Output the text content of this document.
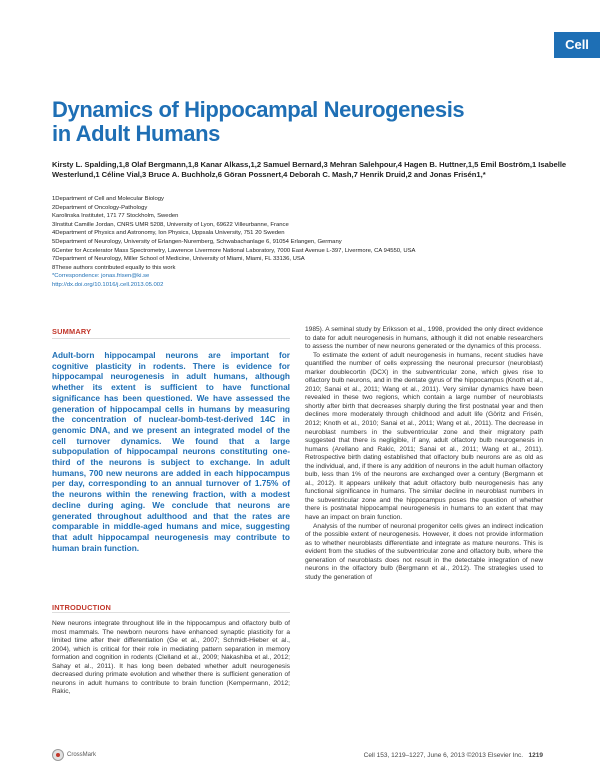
Cell
Dynamics of Hippocampal Neurogenesis in Adult Humans
Kirsty L. Spalding,1,8 Olaf Bergmann,1,8 Kanar Alkass,1,2 Samuel Bernard,3 Mehran Salehpour,4 Hagen B. Huttner,1,5 Emil Boström,1 Isabelle Westerlund,1 Céline Vial,3 Bruce A. Buchholz,6 Göran Possnert,4 Deborah C. Mash,7 Henrik Druid,2 and Jonas Frisén1,*
1Department of Cell and Molecular Biology
2Department of Oncology-Pathology
Karolinska Institutet, 171 77 Stockholm, Sweden
3Institut Camille Jordan, CNRS UMR 5208, University of Lyon, 69622 Villeurbanne, France
4Department of Physics and Astronomy, Ion Physics, Uppsala University, 751 20 Sweden
5Department of Neurology, University of Erlangen-Nuremberg, Schwabachanlage 6, 91054 Erlangen, Germany
6Center for Accelerator Mass Spectrometry, Lawrence Livermore National Laboratory, 7000 East Avenue L-397, Livermore, CA 94550, USA
7Department of Neurology, Miller School of Medicine, University of Miami, Miami, FL 33136, USA
8These authors contributed equally to this work
*Correspondence: jonas.frisen@ki.se
http://dx.doi.org/10.1016/j.cell.2013.05.002
SUMMARY
Adult-born hippocampal neurons are important for cognitive plasticity in rodents. There is evidence for hippocampal neurogenesis in adult humans, although whether its extent is sufficient to have functional significance has been questioned. We have assessed the generation of hippocampal cells in humans by measuring the concentration of nuclear-bomb-test-derived 14C in genomic DNA, and we present an integrated model of the cell turnover dynamics. We found that a large subpopulation of hippocampal neurons constituting one-third of the neurons is subject to exchange. In adult humans, 700 new neurons are added in each hippocampus per day, corresponding to an annual turnover of 1.75% of the neurons within the renewing fraction, with a modest decline during aging. We conclude that neurons are generated throughout adulthood and that the rates are comparable in middle-aged humans and mice, suggesting that adult hippocampal neurogenesis may contribute to human brain function.
INTRODUCTION

New neurons integrate throughout life in the hippocampus and olfactory bulb of most mammals. The newborn neurons have enhanced synaptic plasticity for a limited time after their differentiation (Ge et al., 2007; Schmidt-Hieber et al., 2004), which is critical for their role in mediating pattern separation in memory formation and cognition in rodents (Clelland et al., 2009; Nakashiba et al., 2012; Sahay et al., 2011). It has long been debated whether adult neurogenesis decreased during primate evolution and whether there is sufficient generation of neurons in adult humans to contribute to brain function (Kempermann, 2012; Rakic,

1985). A seminal study by Eriksson et al., 1998, provided the only direct evidence to date for adult neurogenesis in humans, although it did not enable researchers to assess the number of new neurons generated or the dynamics of this process.

To estimate the extent of adult neurogenesis in humans, recent studies have quantified the number of cells expressing the neuronal precursor (neuroblast) marker doublecortin (DCX) in the subventricular zone, which gives rise to olfactory bulb neurons, and in the dentate gyrus of the hippocampus (Knoth et al., 2010; Sanai et al., 2011; Wang et al., 2011). Very similar dynamics have been revealed in these two regions, which contain a large number of neuroblasts shortly after birth that decreases sharply during the first postnatal year and then declines more moderately through childhood and adult life (Göritz and Frisén, 2012; Knoth et al., 2010; Sanai et al., 2011; Wang et al., 2011). The decrease in neuroblast numbers in the subventricular zone and their migratory path suggested that there is negligible, if any, adult olfactory bulb neurogenesis in humans (Arellano and Rakic, 2011; Sanai et al., 2011; Wang et al., 2011). Retrospective birth dating established that olfactory bulb neurons are as old as the individual, and, if there is any addition of neurons in the adult human olfactory bulb, less than 1% of the neurons are exchanged over a century (Bergmann et al., 2012). It appears unlikely that adult olfactory bulb neurogenesis has any functional significance in humans. The similar decline in neuroblast numbers in the subventricular zone and the hippocampus poses the question of whether there is postnatal hippocampal neurogenesis in humans to an extent that may have an impact on brain function.

Analysis of the number of neuronal progenitor cells gives an indirect indication of the possible extent of neurogenesis. However, it does not provide information as to whether neuroblasts differentiate and integrate as mature neurons. This is evident from the studies of the subventricular zone and olfactory bulb, where the generation of neuroblasts does not result in the detectable integration of new neurons in the olfactory bulb (Bergmann et al., 2012). The strategies used to study the generation of

CrossMark	Cell 153, 1219–1227, June 6, 2013 ©2013 Elsevier Inc. 1219
